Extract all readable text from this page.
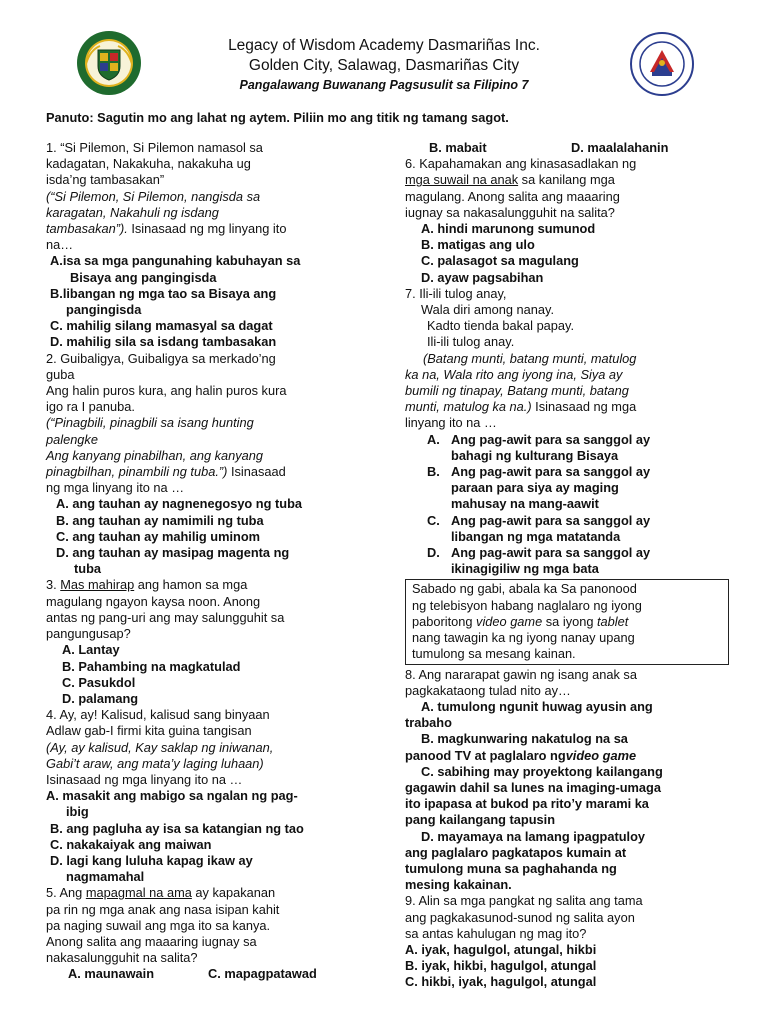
Legacy of Wisdom Academy Dasmariñas Inc.
Golden City, Salawag, Dasmariñas City
Pangalawang Buwanang Pagsusulit sa Filipino 7
Panuto: Sagutin mo ang lahat ng aytem. Piliin mo ang titik ng tamang sagot.

1. “Si Pilemon, Si Pilemon namasol sa

kadagatan, Nakakuha, nakakuha ug

isda’ng tambasakan”

(“Si Pilemon, Si Pilemon, nangisda sa

karagatan, Nakahuli ng isdang

tambasakan”). Isinasaad ng mg linyang ito

na…

A. isa sa mga pangunahing kabuhayan sa
Bisaya ang pangingisda
B. libangan ng mga tao sa Bisaya ang
pangingisda
C. mahilig silang mamasyal sa dagat
D. mahilig sila sa isdang tambasakan

2. Guibaligya, Guibaligya sa merkado’ng

guba

Ang halin puros kura, ang halin puros kura

igo ra I panuba.

(“Pinagbili, pinagbili sa isang hunting

palengke

Ang kanyang pinabilhan, ang kanyang

pinagbilhan, pinambili ng tuba.”) Isinasaad

ng mga linyang ito na …

A. ang tauhan ay nagnenegosyo ng tuba
B. ang tauhan ay namimili ng tuba
C. ang tauhan ay mahilig uminom
D. ang tauhan ay masipag magenta ng
tuba

3. Mas mahirap ang hamon sa mga

magulang ngayon kaysa noon. Anong

antas ng pang-uri ang may salungguhit sa

pangungusap?

A. Lantay
B. Pahambing na magkatulad
C. Pasukdol
D. palamang

4. Ay, ay! Kalisud, kalisud sang binyaan

Adlaw gab-I firmi kita guina tangisan

(Ay, ay kalisud, Kay saklap ng iniwanan,

Gabi’t araw, ang mata’y laging luhaan)

Isinasaad ng mga linyang ito na …

A. masakit ang mabigo sa ngalan ng pag-
ibig
B. ang pagluha ay isa sa katangian ng tao
C. nakakaiyak ang maiwan
D. lagi kang luluha kapag ikaw ay
nagmamahal

5. Ang mapagmal na ama ay kapakanan

pa rin ng mga anak ang nasa isipan kahit

pa naging suwail ang mga ito sa kanya.

Anong salita ang maaaring iugnay sa

nakasalungguhit na salita?

A. maunawain	C. mapagpatawad
B. mabait	D. maalalahanin

6. Kapahamakan ang kinasasadlakan ng

mga suwail na anak sa kanilang mga

magulang. Anong salita ang maaaring

iugnay sa nakasalungguhit na salita?

A. hindi marunong sumunod
B. matigas ang ulo
C. palasagot sa magulang
D. ayaw pagsabihan

7. Ili-ili tulog anay,

Wala diri among nanay.

Kadto tienda bakal papay.

Ili-ili tulog anay.

(Batang munti, batang munti, matulog

ka na, Wala rito ang iyong ina, Siya ay

bumili ng tinapay, Batang munti, batang

munti, matulog ka na.) Isinasaad ng mga

linyang ito na …

A. Ang pag-awit para sa sanggol ay
bahagi ng kulturang Bisaya
B. Ang pag-awit para sa sanggol ay
paraan para siya ay maging
mahusay na mang-aawit
C. Ang pag-awit para sa sanggol ay
libangan ng mga matatanda
D. Ang pag-awit para sa sanggol ay
ikinagigiliw ng mga bata

Sabado ng gabi, abala ka Sa panonood

ng telebisyon habang naglalaro ng iyong

paboritong video game sa iyong tablet

nang tawagin ka ng iyong nanay upang

tumulong sa mesang kainan.

8. Ang nararapat gawin ng isang anak sa

pagkakataong tulad nito ay…

A. tumulong ngunit huwag ayusin ang
trabaho
B. magkunwaring nakatulog na sa
panood TV at paglalaro ng video game
C. sabihing may proyektong kailangang
gagawin dahil sa lunes na imaging-umaga
ito ipapasa at bukod pa rito’y marami ka
pang kailangang tapusin
D. mayamaya na lamang ipagpatuloy
ang paglalaro pagkatapos kumain at
tumulong muna sa paghahanda ng
mesing kakainan.

9. Alin sa mga pangkat ng salita ang tama

ang pagkakasunod-sunod ng salita ayon

sa antas kahulugan ng mag ito?

A. iyak, hagulgol, atungal, hikbi
B. iyak, hikbi, hagulgol, atungal
C. hikbi, iyak, hagulgol, atungal
